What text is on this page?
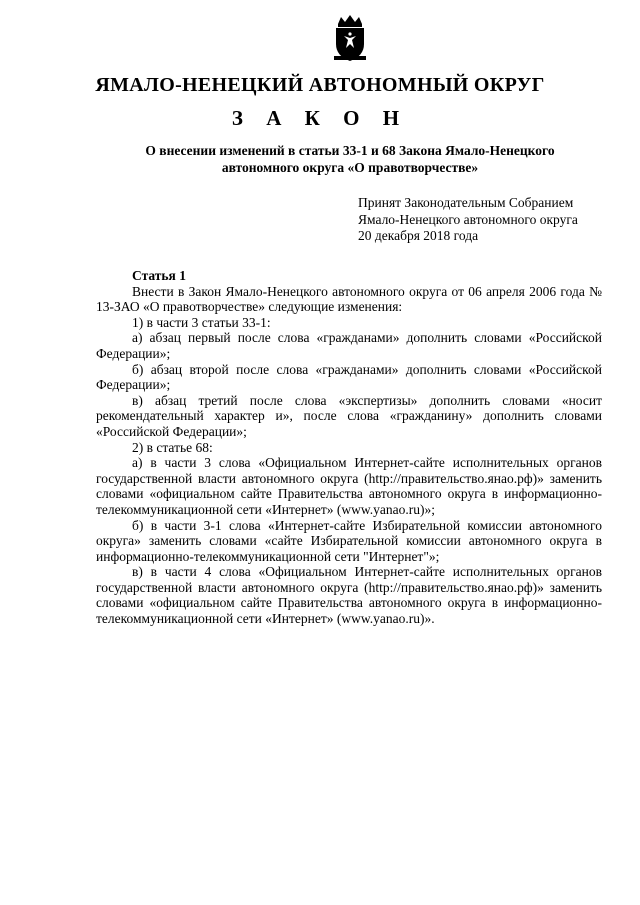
ЯМАЛО-НЕНЕЦКИЙ АВТОНОМНЫЙ ОКРУГ
З А К О Н
О внесении изменений в статьи 33-1 и 68 Закона Ямало-Ненецкого
автономного округа «О правотворчестве»
Принят Законодательным Собранием
Ямало-Ненецкого автономного округа
20 декабря 2018 года
Статья 1

Внести в Закон Ямало-Ненецкого автономного округа от 06 апреля 2006 года № 13-ЗАО «О правотворчестве» следующие изменения:

1) в части 3 статьи 33-1:

а) абзац первый после слова «гражданами» дополнить словами «Российской Федерации»;

б) абзац второй после слова «гражданами» дополнить словами «Российской Федерации»;

в) абзац третий после слова «экспертизы» дополнить словами «носит рекомендательный характер и», после слова «гражданину» дополнить словами «Российской Федерации»;

2) в статье 68:

а) в части 3 слова «Официальном Интернет-сайте исполнительных органов государственной власти автономного округа (http://правительство.янао.рф)» заменить словами «официальном сайте Правительства автономного округа в информационно-телекоммуникационной сети «Интернет» (www.yanao.ru)»;

б) в части 3-1 слова «Интернет-сайте Избирательной комиссии автономного округа» заменить словами «сайте Избирательной комиссии автономного округа в информационно-телекоммуникационной сети "Интернет"»;

в) в части 4 слова «Официальном Интернет-сайте исполнительных органов государственной власти автономного округа (http://правительство.янао.рф)» заменить словами «официальном сайте Правительства автономного округа в информационно-телекоммуникационной сети «Интернет» (www.yanao.ru)».
